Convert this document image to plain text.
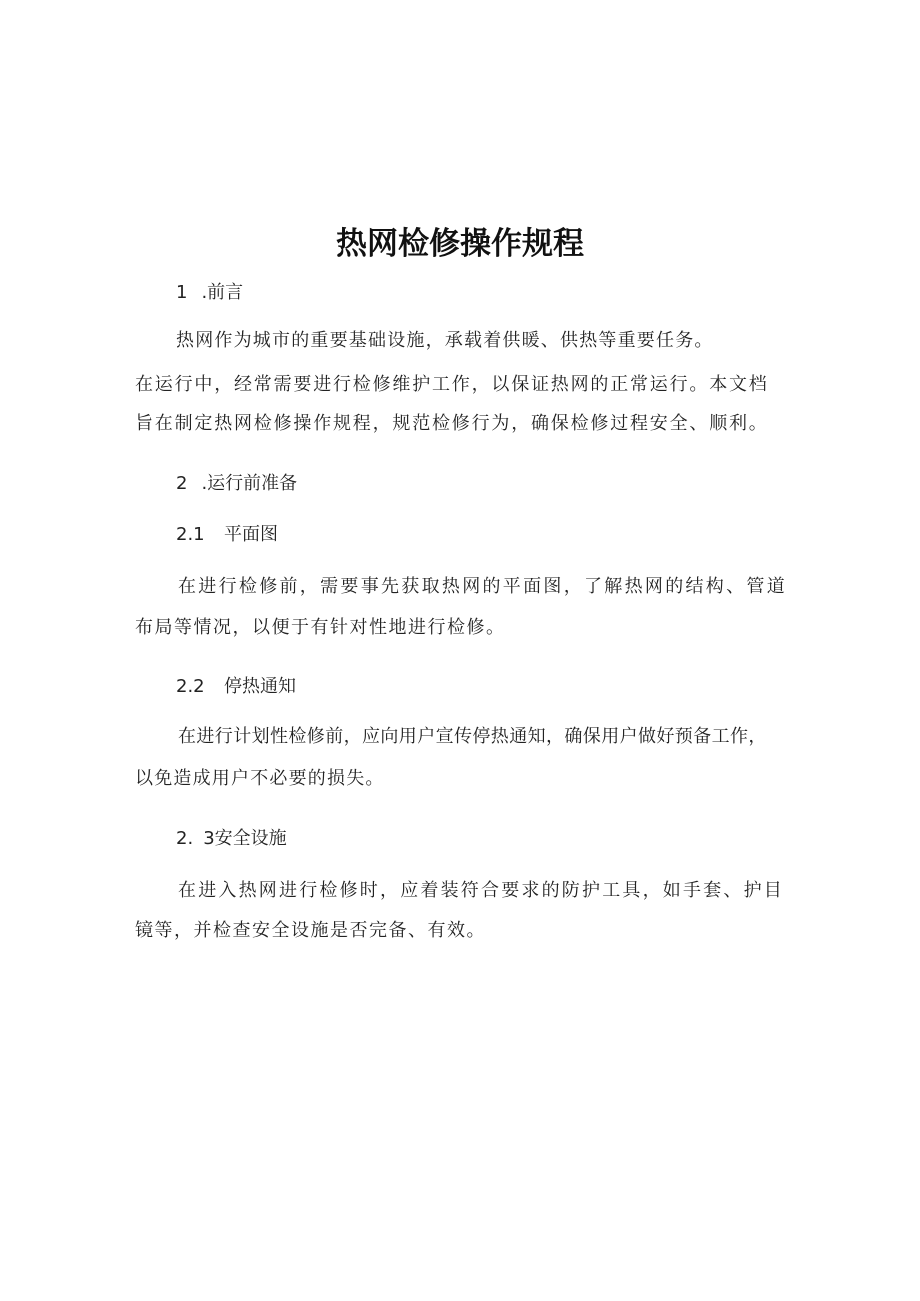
热网检修操作规程
1 .前言
热网作为城市的重要基础设施，承载着供暖、供热等重要任务。
在运行中，经常需要进行检修维护工作，以保证热网的正常运行。本文档
旨在制定热网检修操作规程，规范检修行为，确保检修过程安全、顺利。
2 .运行前准备
2.1 平面图
在进行检修前，需要事先获取热网的平面图，了解热网的结构、管道
布局等情况，以便于有针对性地进行检修。
2.2 停热通知
在进行计划性检修前，应向用户宣传停热通知，确保用户做好预备工作，
以免造成用户不必要的损失。
2. 3安全设施
在进入热网进行检修时，应着装符合要求的防护工具，如手套、护目
镜等，并检查安全设施是否完备、有效。
